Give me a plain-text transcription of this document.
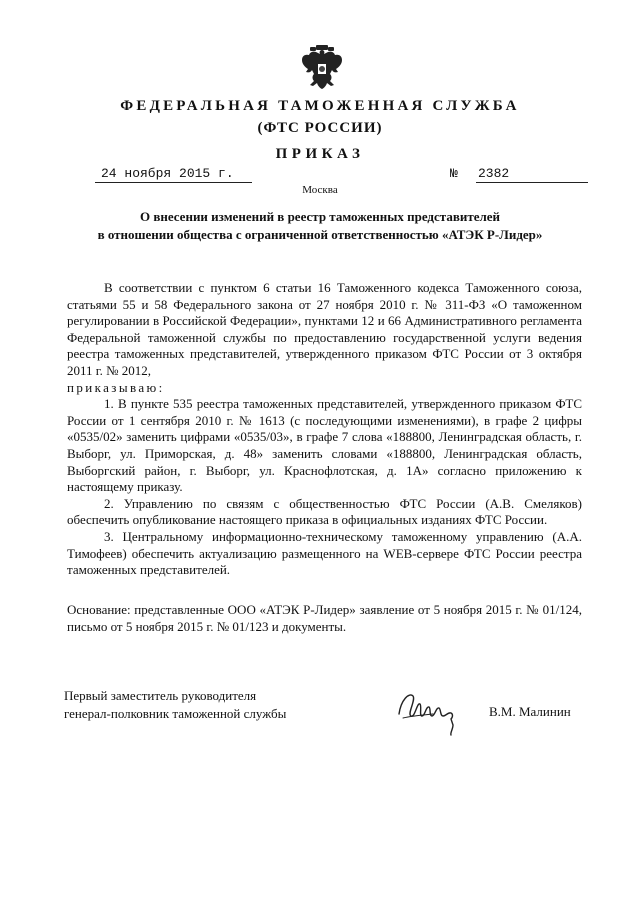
ФЕДЕРАЛЬНАЯ ТАМОЖЕННАЯ СЛУЖБА
(ФТС РОССИИ)
ПРИКАЗ
24 ноября 2015 г.	№ 2382
Москва
О внесении изменений в реестр таможенных представителей
в отношении общества с ограниченной ответственностью «АТЭК Р-Лидер»

В соответствии с пунктом 6 статьи 16 Таможенного кодекса Таможенного союза, статьями 55 и 58 Федерального закона от 27 ноября 2010 г. № 311-ФЗ «О таможенном регулировании в Российской Федерации», пунктами 12 и 66 Административного регламента Федеральной таможенной службы по предоставлению государственной услуги ведения реестра таможенных представителей, утвержденного приказом ФТС России от 3 октября 2011 г. № 2012,

приказываю:

1. В пункте 535 реестра таможенных представителей, утвержденного приказом ФТС России от 1 сентября 2010 г. № 1613 (с последующими изменениями), в графе 2 цифры «0535/02» заменить цифрами «0535/03», в графе 7 слова «188800, Ленинградская область, г. Выборг, ул. Приморская, д. 48» заменить словами «188800, Ленинградская область, Выборгский район, г. Выборг, ул. Краснофлотская, д. 1А» согласно приложению к настоящему приказу.

2. Управлению по связям с общественностью ФТС России (А.В. Смеляков) обеспечить опубликование настоящего приказа в официальных изданиях ФТС России.

3. Центральному информационно-техническому таможенному управлению (А.А. Тимофеев) обеспечить актуализацию размещенного на WEB-сервере ФТС России реестра таможенных представителей.

Основание: представленные ООО «АТЭК Р-Лидер» заявление от 5 ноября 2015 г. № 01/124, письмо от 5 ноября 2015 г. № 01/123 и документы.

Первый заместитель руководителя
генерал-полковник таможенной службы	В.М. Малинин
